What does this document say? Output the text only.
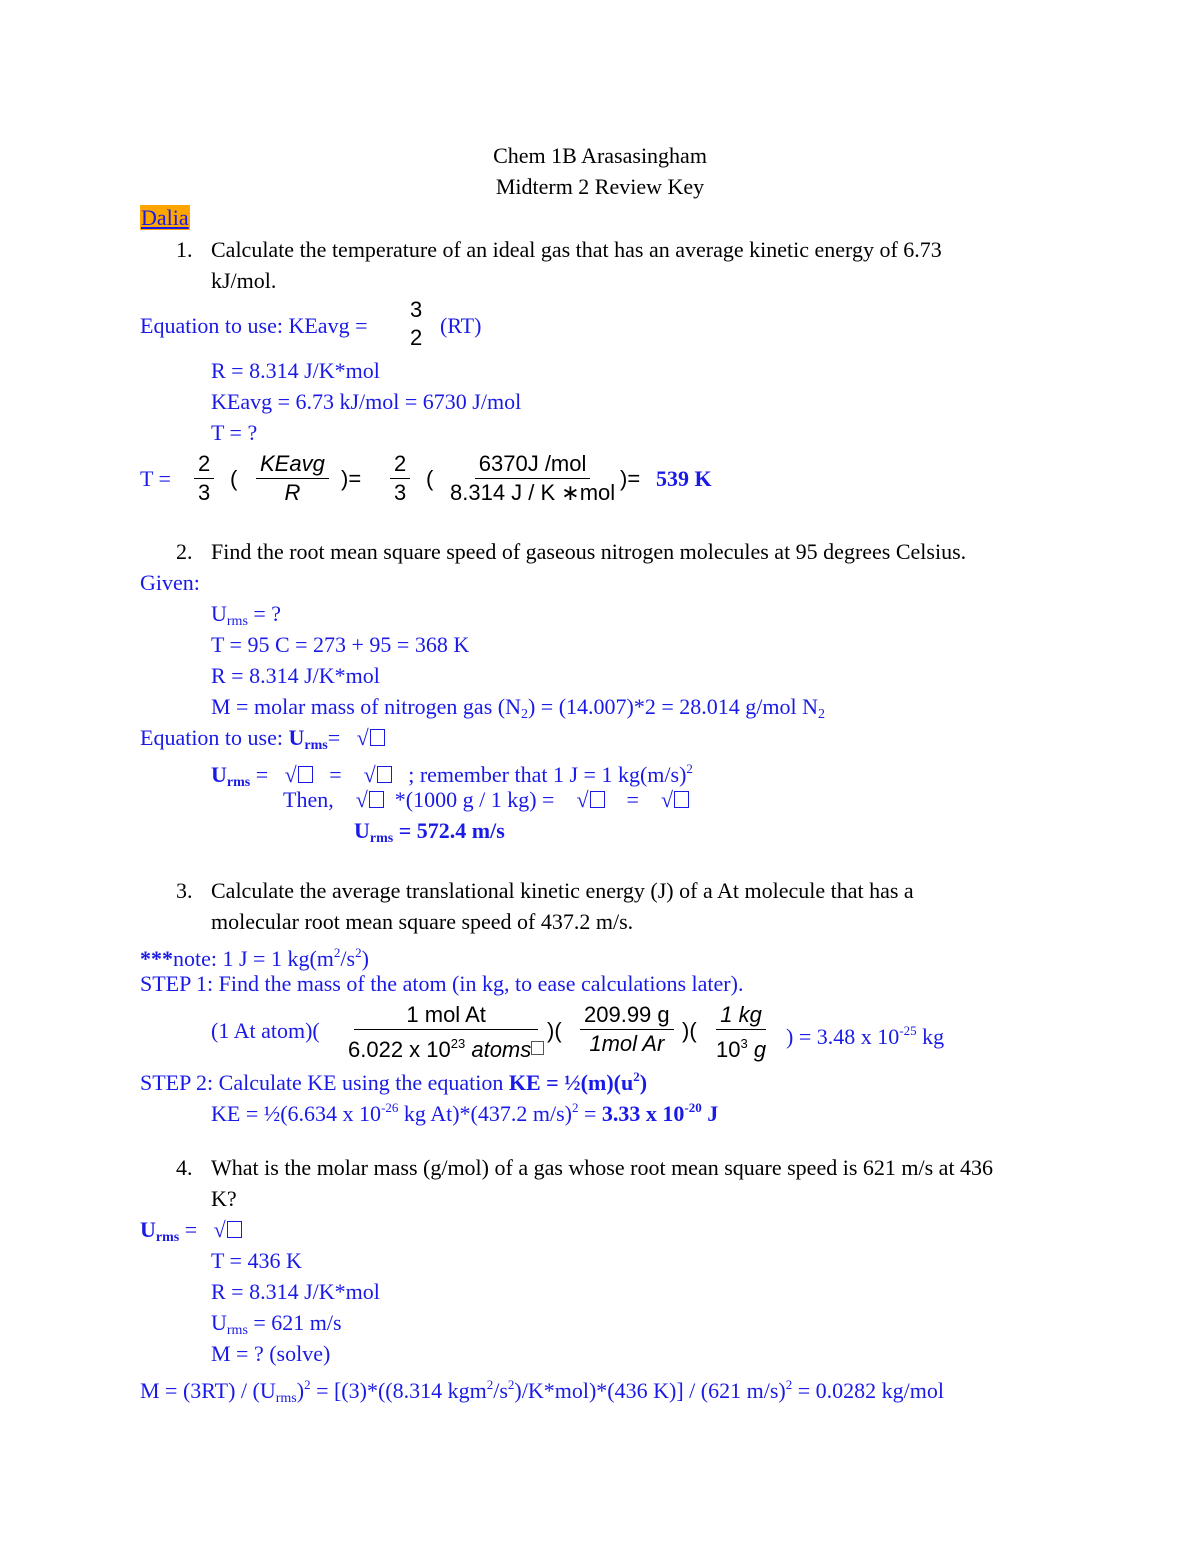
Chem 1B Arasasingham
Midterm 2 Review Key
Dalia
1. Calculate the temperature of an ideal gas that has an average kinetic energy of 6.73
kJ/mol.
Equation to use: KEavg =
3
2 (RT)
R = 8.314 J/K*mol
KEavg = 6.73 kJ/mol = 6730 J/mol
T = ?
$T = \frac{2}{3}$ ( $\frac{\text{KEavg}}{R}$ )= $\frac{2}{3}$ ( $\frac{\text{6370J /mol}}{\text{8.314 J / K ∗mol}}$ )= 539 K
2. Find the root mean square speed of gaseous nitrogen molecules at 95 degrees Celsius.
Given:
$U_{rms}$ = ?
T = 95 C = 273 + 95 = 368 K
R = 8.314 J/K*mol
M = molar mass of nitrogen gas $(N_2) = (14.007)*2 = 28.014$ g/mol $N_2$
Equation to use: $U_{rms}=$ √
$U_{rms}$ = √ = √ ; remember that 1 J = 1 $kg(m/s)^2$
Then, √ *(1000 g / 1 kg) = √ = √
$U_{rms} = 572.4$ m/s
3. Calculate the average translational kinetic energy (J) of a At molecule that has a
molecular root mean square speed of 437.2 m/s.
***note: 1 J = 1 $kg(m^2/s^2)$
STEP 1: Find the mass of the atom (in kg, to ease calculations later).
(1 At atom)( $\frac{\text{1 mol At}}{6.022 x 10^{23} atoms}$
)( $\frac{209.99 g}{\text{1mol Ar}}$ )( $\frac{1 kg}{10^3 g}$ ) = 3.48 x $10^{-25}$ kg
STEP 2: Calculate KE using the equation KE = $\frac{1}{2}(m)(u^2)$
KE = ½(6.634 x $10^{-26}$ kg At)*(437.2 m/s)$^2$ = 3.33 x $10^{-20}$ J
4. What is the molar mass (g/mol) of a gas whose root mean square speed is 621 m/s at 436
K?
$U_{rms}$ = √
T = 436 K
R = 8.314 J/K*mol
$U_{rms} = 621$ m/s
M = ? (solve)
$M = (3RT) / (U_{rms})^2 = [(3)*((8.314$ $kgm^2/s^2)/K*mol)*(436$ K)] / (621 m/s)$^2$ = 0.0282 kg/mol
